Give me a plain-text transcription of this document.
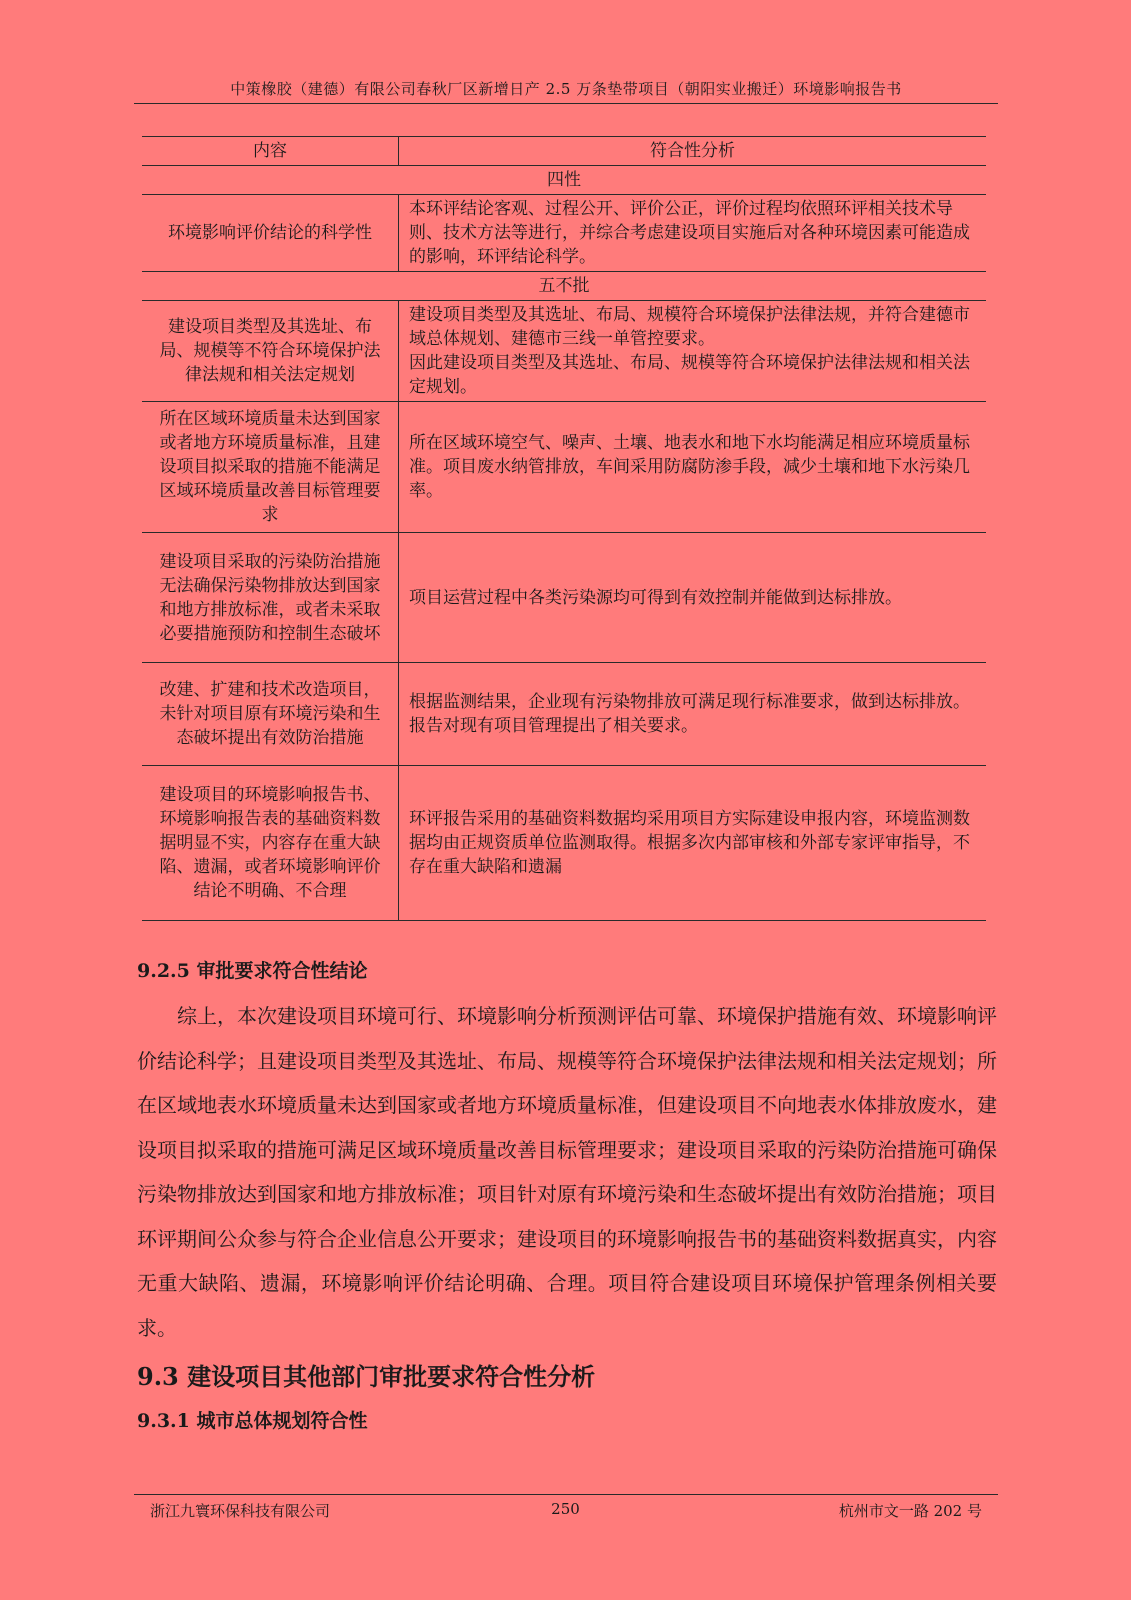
中策橡胶（建德）有限公司春秋厂区新增日产 2.5 万条垫带项目（朝阳实业搬迁）环境影响报告书
内容	符合性分析
四性	
环境影响评价结论的科学性	本环评结论客观、过程公开、评价公正，评价过程均依照环评相关技术导则、技术方法等进行，并综合考虑建设项目实施后对各种环境因素可能造成的影响，环评结论科学。
五不批	
建设项目类型及其选址、布局、规模等不符合环境保护法律法规和相关法定规划	建设项目类型及其选址、布局、规模符合环境保护法律法规，并符合建德市域总体规划、建德市三线一单管控要求。
因此建设项目类型及其选址、布局、规模等符合环境保护法律法规和相关法定规划。

所在区域环境质量未达到国家或者地方环境质量标准，且建设项目拟采取的措施不能满足区域环境质量改善目标管理要求	所在区域环境空气、噪声、土壤、地表水和地下水均能满足相应环境质量标准。项目废水纳管排放，车间采用防腐防渗手段，减少土壤和地下水污染几率。
建设项目采取的污染防治措施无法确保污染物排放达到国家和地方排放标准，或者未采取必要措施预防和控制生态破坏	项目运营过程中各类污染源均可得到有效控制并能做到达标排放。
改建、扩建和技术改造项目，未针对项目原有环境污染和生态破坏提出有效防治措施	根据监测结果，企业现有污染物排放可满足现行标准要求，做到达标排放。报告对现有项目管理提出了相关要求。
建设项目的环境影响报告书、环境影响报告表的基础资料数据明显不实，内容存在重大缺陷、遗漏，或者环境影响评价结论不明确、不合理	环评报告采用的基础资料数据均采用项目方实际建设申报内容，环境监测数据均由正规资质单位监测取得。根据多次内部审核和外部专家评审指导，不存在重大缺陷和遗漏
9.2.5 审批要求符合性结论

综上，本次建设项目环境可行、环境影响分析预测评估可靠、环境保护措施有效、环境影响评价结论科学；且建设项目类型及其选址、布局、规模等符合环境保护法律法规和相关法定规划；所在区域地表水环境质量未达到国家或者地方环境质量标准，但建设项目不向地表水体排放废水，建设项目拟采取的措施可满足区域环境质量改善目标管理要求；建设项目采取的污染防治措施可确保污染物排放达到国家和地方排放标准；项目针对原有环境污染和生态破坏提出有效防治措施；项目环评期间公众参与符合企业信息公开要求；建设项目的环境影响报告书的基础资料数据真实，内容无重大缺陷、遗漏，环境影响评价结论明确、合理。项目符合建设项目环境保护管理条例相关要求。

9.3 建设项目其他部门审批要求符合性分析
9.3.1 城市总体规划符合性
浙江九寰环保科技有限公司	250	杭州市文一路 202 号
